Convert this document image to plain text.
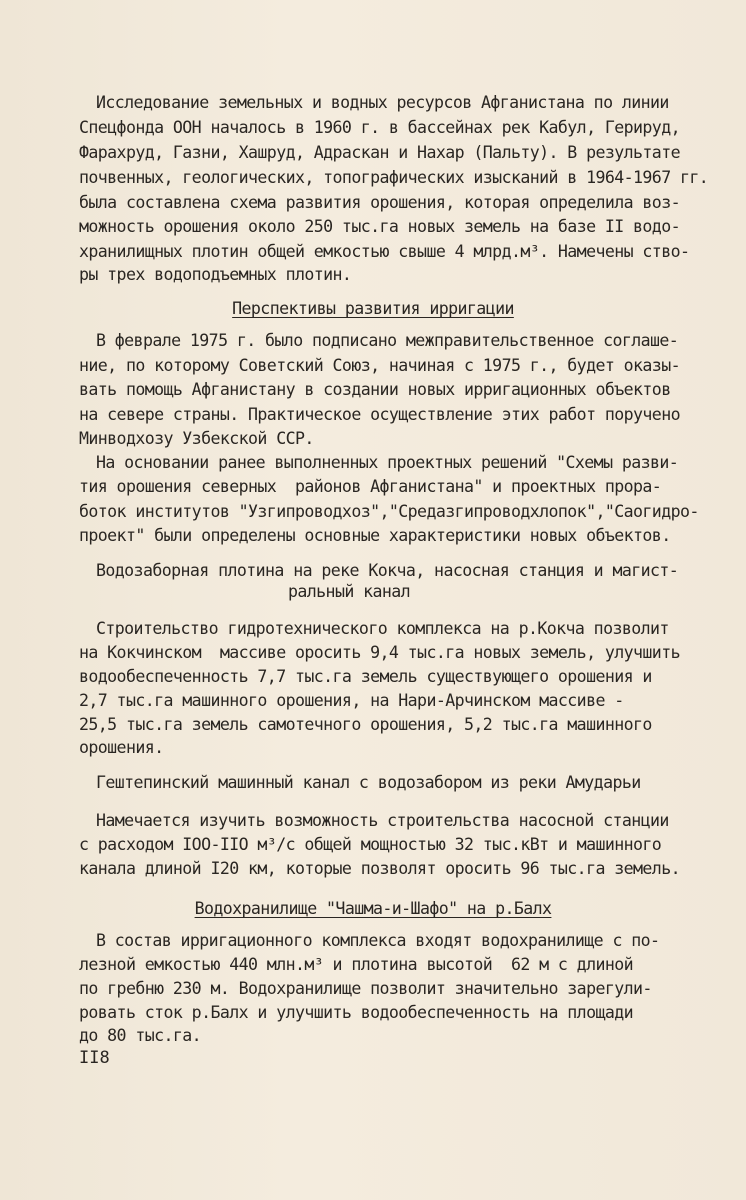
Исследование земельных и водных ресурсов Афганистана по линии
Спецфонда ООН началось в 1960 г. в бассейнах рек Кабул, Герируд,
Фарахруд, Газни, Хашруд, Адраскан и Нахар (Пальту). В результате
почвенных, геологических, топографических изысканий в 1964-1967 гг.
была составлена схема развития орошения, которая определила воз-
можность орошения около 250 тыс.га новых земель на базе II водо-
хранилищных плотин общей емкостью свыше 4 млрд.м³. Намечены ство-
ры трех водоподъемных плотин.
Перспективы развития ирригации
В феврале 1975 г. было подписано межправительственное соглаше-
ние, по которому Советский Союз, начиная с 1975 г., будет оказы-
вать помощь Афганистану в создании новых ирригационных объектов
на севере страны. Практическое осуществление этих работ поручено
Минводхозу Узбекской ССР.
На основании ранее выполненных проектных решений "Схемы разви-
тия орошения северных  районов Афганистана" и проектных прора-
боток институтов "Узгипроводхоз","Средазгипроводхлопок","Саогидро-
проект" были определены основные характеристики новых объектов.
Водозаборная плотина на реке Кокча, насосная станция и магист-
ральный канал
Строительство гидротехнического комплекса на р.Кокча позволит
на Кокчинском  массиве оросить 9,4 тыс.га новых земель, улучшить
водообеспеченность 7,7 тыс.га земель существующего орошения и
2,7 тыс.га машинного орошения, на Нари-Арчинском массиве -
25,5 тыс.га земель самотечного орошения, 5,2 тыс.га машинного
орошения.
Гештепинский машинный канал с водозабором из реки Амударьи
Намечается изучить возможность строительства насосной станции
с расходом IOO-IIO м³/с общей мощностью 32 тыс.кВт и машинного
канала длиной I20 км, которые позволят оросить 96 тыс.га земель.
Водохранилище "Чашма-и-Шафо" на р.Балх
В состав ирригационного комплекса входят водохранилище с по-
лезной емкостью 440 млн.м³ и плотина высотой  62 м с длиной
по гребню 230 м. Водохранилище позволит значительно зарегули-
ровать сток р.Балх и улучшить водообеспеченность на площади
до 80 тыс.га.
II8
